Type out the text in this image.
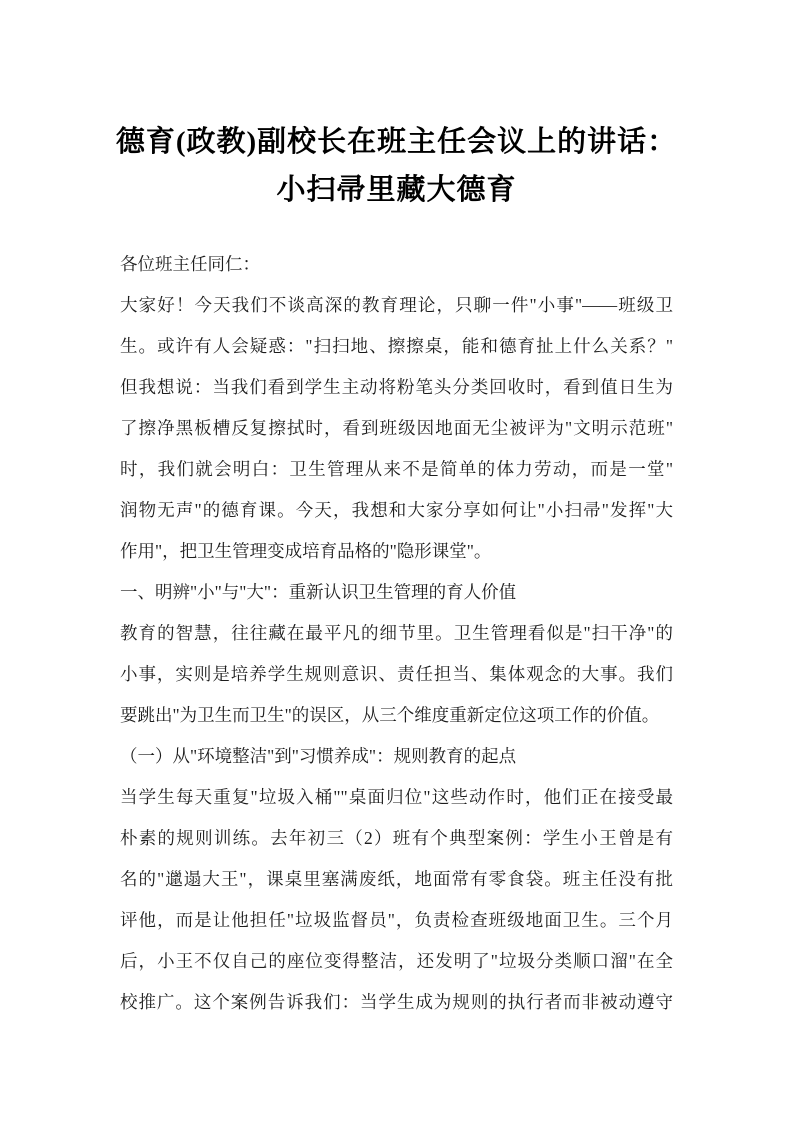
德育(政教)副校长在班主任会议上的讲话：
小扫帚里藏大德育
各位班主任同仁：
大家好！今天我们不谈高深的教育理论，只聊一件"小事"——班级卫
生。或许有人会疑惑："扫扫地、擦擦桌，能和德育扯上什么关系？"
但我想说：当我们看到学生主动将粉笔头分类回收时，看到值日生为
了擦净黑板槽反复擦拭时，看到班级因地面无尘被评为"文明示范班"
时，我们就会明白：卫生管理从来不是简单的体力劳动，而是一堂"
润物无声"的德育课。今天，我想和大家分享如何让"小扫帚"发挥"大
作用"，把卫生管理变成培育品格的"隐形课堂"。
一、明辨"小"与"大"：重新认识卫生管理的育人价值
教育的智慧，往往藏在最平凡的细节里。卫生管理看似是"扫干净"的
小事，实则是培养学生规则意识、责任担当、集体观念的大事。我们
要跳出"为卫生而卫生"的误区，从三个维度重新定位这项工作的价值。
（一）从"环境整洁"到"习惯养成"：规则教育的起点
当学生每天重复"垃圾入桶""桌面归位"这些动作时，他们正在接受最
朴素的规则训练。去年初三（2）班有个典型案例：学生小王曾是有
名的"邋遢大王"，课桌里塞满废纸，地面常有零食袋。班主任没有批
评他，而是让他担任"垃圾监督员"，负责检查班级地面卫生。三个月
后，小王不仅自己的座位变得整洁，还发明了"垃圾分类顺口溜"在全
校推广。这个案例告诉我们：当学生成为规则的执行者而非被动遵守
